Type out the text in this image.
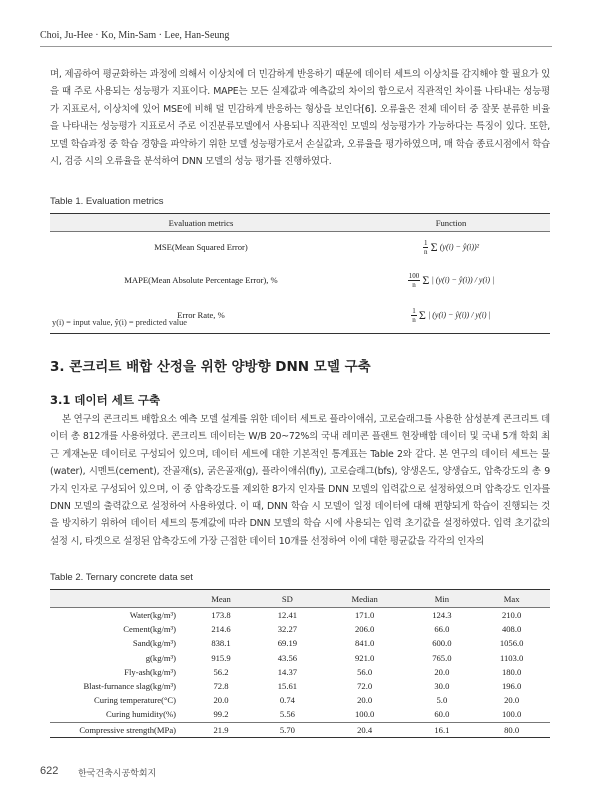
Choi, Ju-Hee · Ko, Min-Sam · Lee, Han-Seung
며, 제곱하여 평균화하는 과정에 의해서 이상치에 더 민감하게 반응하기 때문에 데이터 세트의 이상치를 감지해야 할 필요가 있을 때 주로 사용되는 성능평가 지표이다. MAPE는 모든 실제값과 예측값의 차이의 합으로서 직관적인 차이를 나타내는 성능평가 지표로서, 이상치에 있어 MSE에 비해 덜 민감하게 반응하는 형상을 보인다[6]. 오류율은 전체 데이터 중 잘못 분류한 비율을 나타내는 성능평가 지표로서 주로 이진분류모델에서 사용되나 직관적인 모델의 성능평가가 가능하다는 특징이 있다. 또한, 모델 학습과정 중 학습 경향을 파악하기 위한 모델 성능평가로서 손실값과, 오류율을 평가하였으며, 매 학습 종료시점에서 학습 시, 검증 시의 오류율을 분석하여 DNN 모델의 성능 평가를 진행하였다.
Table 1. Evaluation metrics
Evaluation metrics	Function
MSE(Mean Squared Error)	$\frac{1}{n}$ Σ (y(i) − ŷ(i))²
MAPE(Mean Absolute Percentage Error), %	$\frac{100}{n}$ Σ | (y(i) − ŷ(i)) / y(i) |
Error Rate, %	$\frac{1}{n}$ Σ | (y(i) − ŷ(i)) / y(i) |
y(i) = input value, ŷ(i) = predicted value
3. 콘크리트 배합 산정을 위한 양방향 DNN 모델 구축
3.1 데이터 세트 구축
본 연구의 콘크리트 배합요소 예측 모델 설계를 위한 데이터 세트로 플라이애쉬, 고로슬래그를 사용한 삼성분계 콘크리트 데이터 총 812개를 사용하였다. 콘크리트 데이터는 W/B 20~72%의 국내 레미콘 플랜트 현장배합 데이터 및 국내 5개 학회 최근 게재논문 데이터로 구성되어 있으며, 데이터 세트에 대한 기본적인 통계표는 Table 2와 같다. 본 연구의 데이터 세트는 물(water), 시멘트(cement), 잔골재(s), 굵은골재(g), 플라이애쉬(fly), 고로슬래그(bfs), 양생온도, 양생습도, 압축강도의 총 9가지 인자로 구성되어 있으며, 이 중 압축강도를 제외한 8가지 인자를 DNN 모델의 입력값으로 설정하였으며 압축강도 인자를 DNN 모델의 출력값으로 설정하여 사용하였다. 이 때, DNN 학습 시 모델이 일정 데이터에 대해 편향되게 학습이 진행되는 것을 방지하기 위하여 데이터 세트의 통계값에 따라 DNN 모델의 학습 시에 사용되는 입력 초기값을 설정하였다. 입력 초기값의 설정 시, 타겟으로 설정된 압축강도에 가장 근접한 데이터 10개를 선정하여 이에 대한 평균값을 각각의 인자의
Table 2. Ternary concrete data set
	Mean	SD	Median	Min	Max
Water(kg/m³)	173.8	12.41	171.0	124.3	210.0
Cement(kg/m³)	214.6	32.27	206.0	66.0	408.0
Sand(kg/m³)	838.1	69.19	841.0	600.0	1056.0
g(kg/m³)	915.9	43.56	921.0	765.0	1103.0
Fly-ash(kg/m³)	56.2	14.37	56.0	20.0	180.0
Blast-furnance slag(kg/m³)	72.8	15.61	72.0	30.0	196.0
Curing temperature(°C)	20.0	0.74	20.0	5.0	20.0
Curing humidity(%)	99.2	5.56	100.0	60.0	100.0
Compressive strength(MPa)	21.9	5.70	20.4	16.1	80.0
622 한국건축시공학회지
